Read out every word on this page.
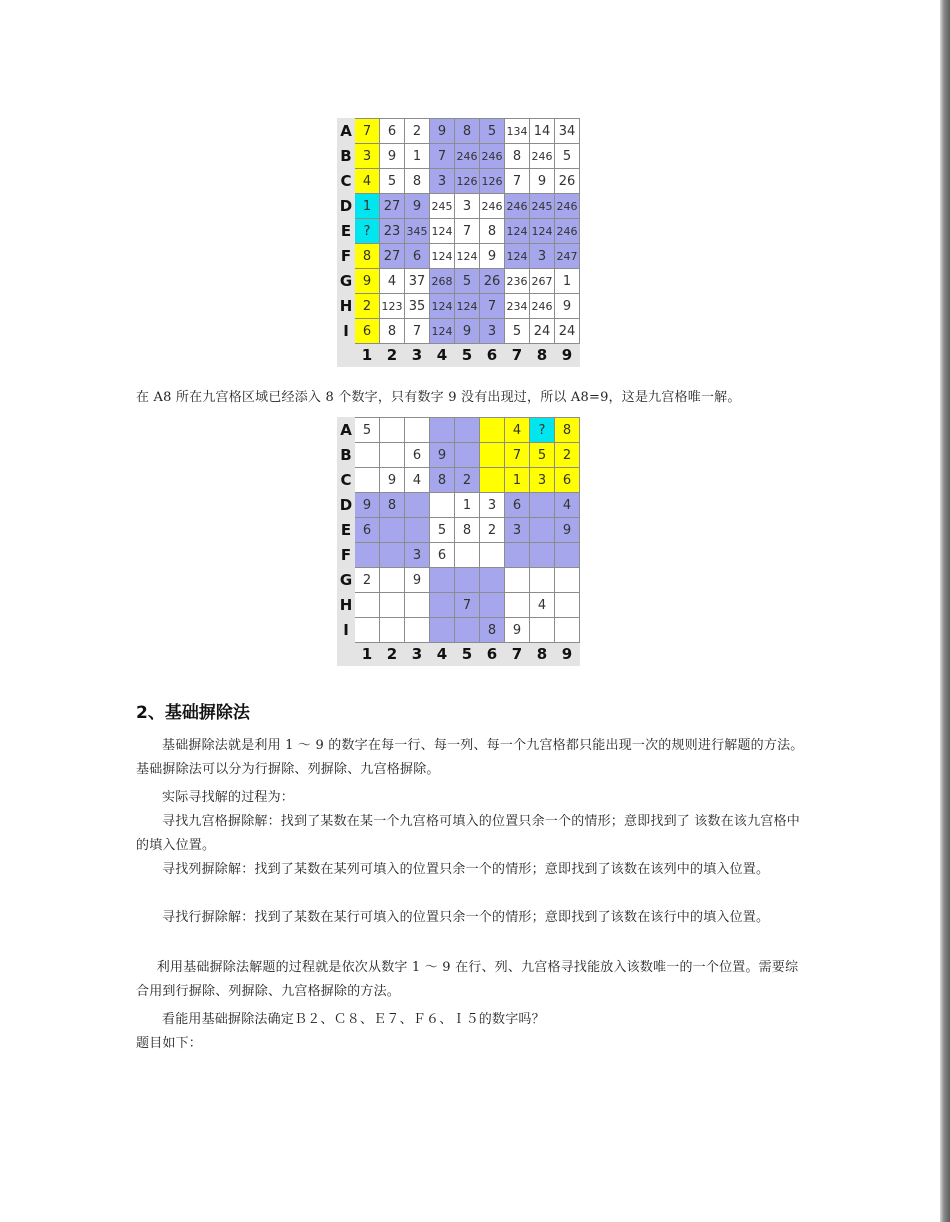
A	7	6	2	9	8	5	134	14	34
B	3	9	1	7	246	246	8	246	5
C	4	5	8	3	126	126	7	9	26
D	1	27	9	245	3	246	246	245	246
E	?	23	345	124	7	8	124	124	246
F	8	27	6	124	124	9	124	3	247
G	9	4	37	268	5	26	236	267	1
H	2	123	35	124	124	7	234	246	9
I	6	8	7	124	9	3	5	24	24
	1	2	3	4	5	6	7	8	9

在 A8 所在九宫格区域已经添入 8 个数字，只有数字 9 没有出现过，所以 A8=9，这是九宫格唯一解。

A	5						4	?	8
B			6	9			7	5	2
C		9	4	8	2		1	3	6
D	9	8			1	3	6		4
E	6			5	8	2	3		9
F			3	6					
G	2		9						
H					7			4	
I						8	9		
	1	2	3	4	5	6	7	8	9
2、基础摒除法

基础摒除法就是利用 1 ～ 9 的数字在每一行、每一列、每一个九宫格都只能出现一次的规则进行解题的方法。基础摒除法可以分为行摒除、列摒除、九宫格摒除。

实际寻找解的过程为：

寻找九宫格摒除解：找到了某数在某一个九宫格可填入的位置只余一个的情形；意即找到了 该数在该九宫格中的填入位置。

寻找列摒除解：找到了某数在某列可填入的位置只余一个的情形；意即找到了该数在该列中的填入位置。

寻找行摒除解：找到了某数在某行可填入的位置只余一个的情形；意即找到了该数在该行中的填入位置。

利用基础摒除法解题的过程就是依次从数字 1 ～ 9 在行、列、九宫格寻找能放入该数唯一的一个位置。需要综合用到行摒除、列摒除、九宫格摒除的方法。

看能用基础摒除法确定Ｂ２、Ｃ８、Ｅ７、Ｆ６、Ｉ５的数字吗？

题目如下：
